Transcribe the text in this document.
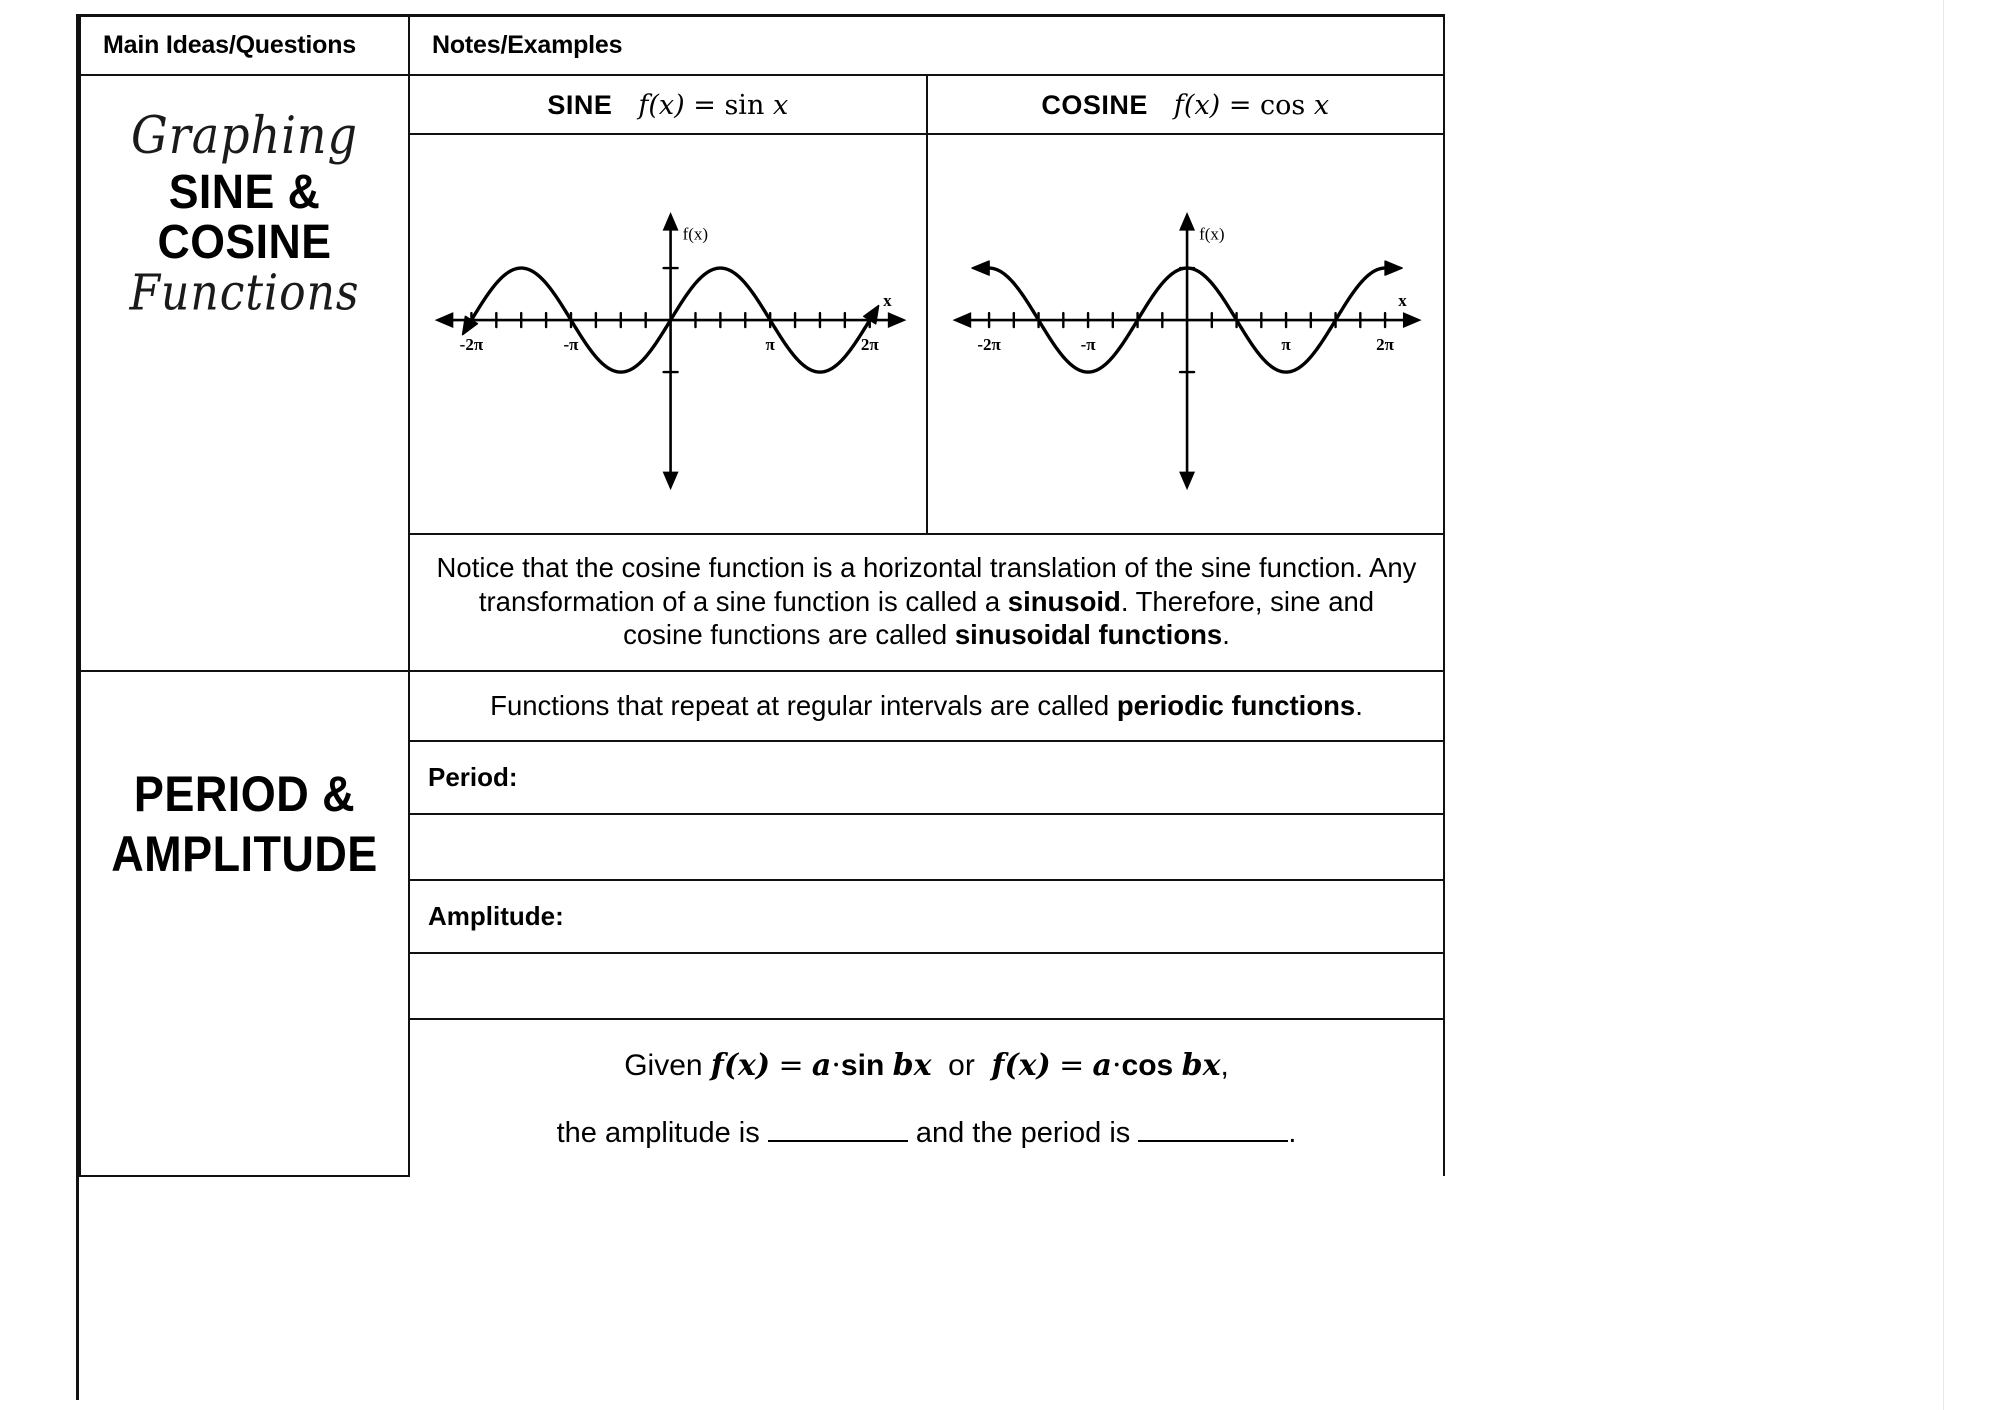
Main Ideas/Questions	Notes/Examples

Graphing
SINE & COSINE
Functions

SINE f(x) = sin x	COSINE f(x) = cos x

-2π	-π	π	2π
f(x)
x

-2π	-π	π	2π
f(x)
x

Notice that the cosine function is a horizontal translation of the sine function. Any transformation of a sine function is called a sinusoid. Therefore, sine and cosine functions are called sinusoidal functions.

PERIOD &
AMPLITUDE

Functions that repeat at regular intervals are called periodic functions.

Period:

Amplitude:

Given f(x) = a·sin bx or f(x) = a·cos bx,
the amplitude is	and the period is	.
